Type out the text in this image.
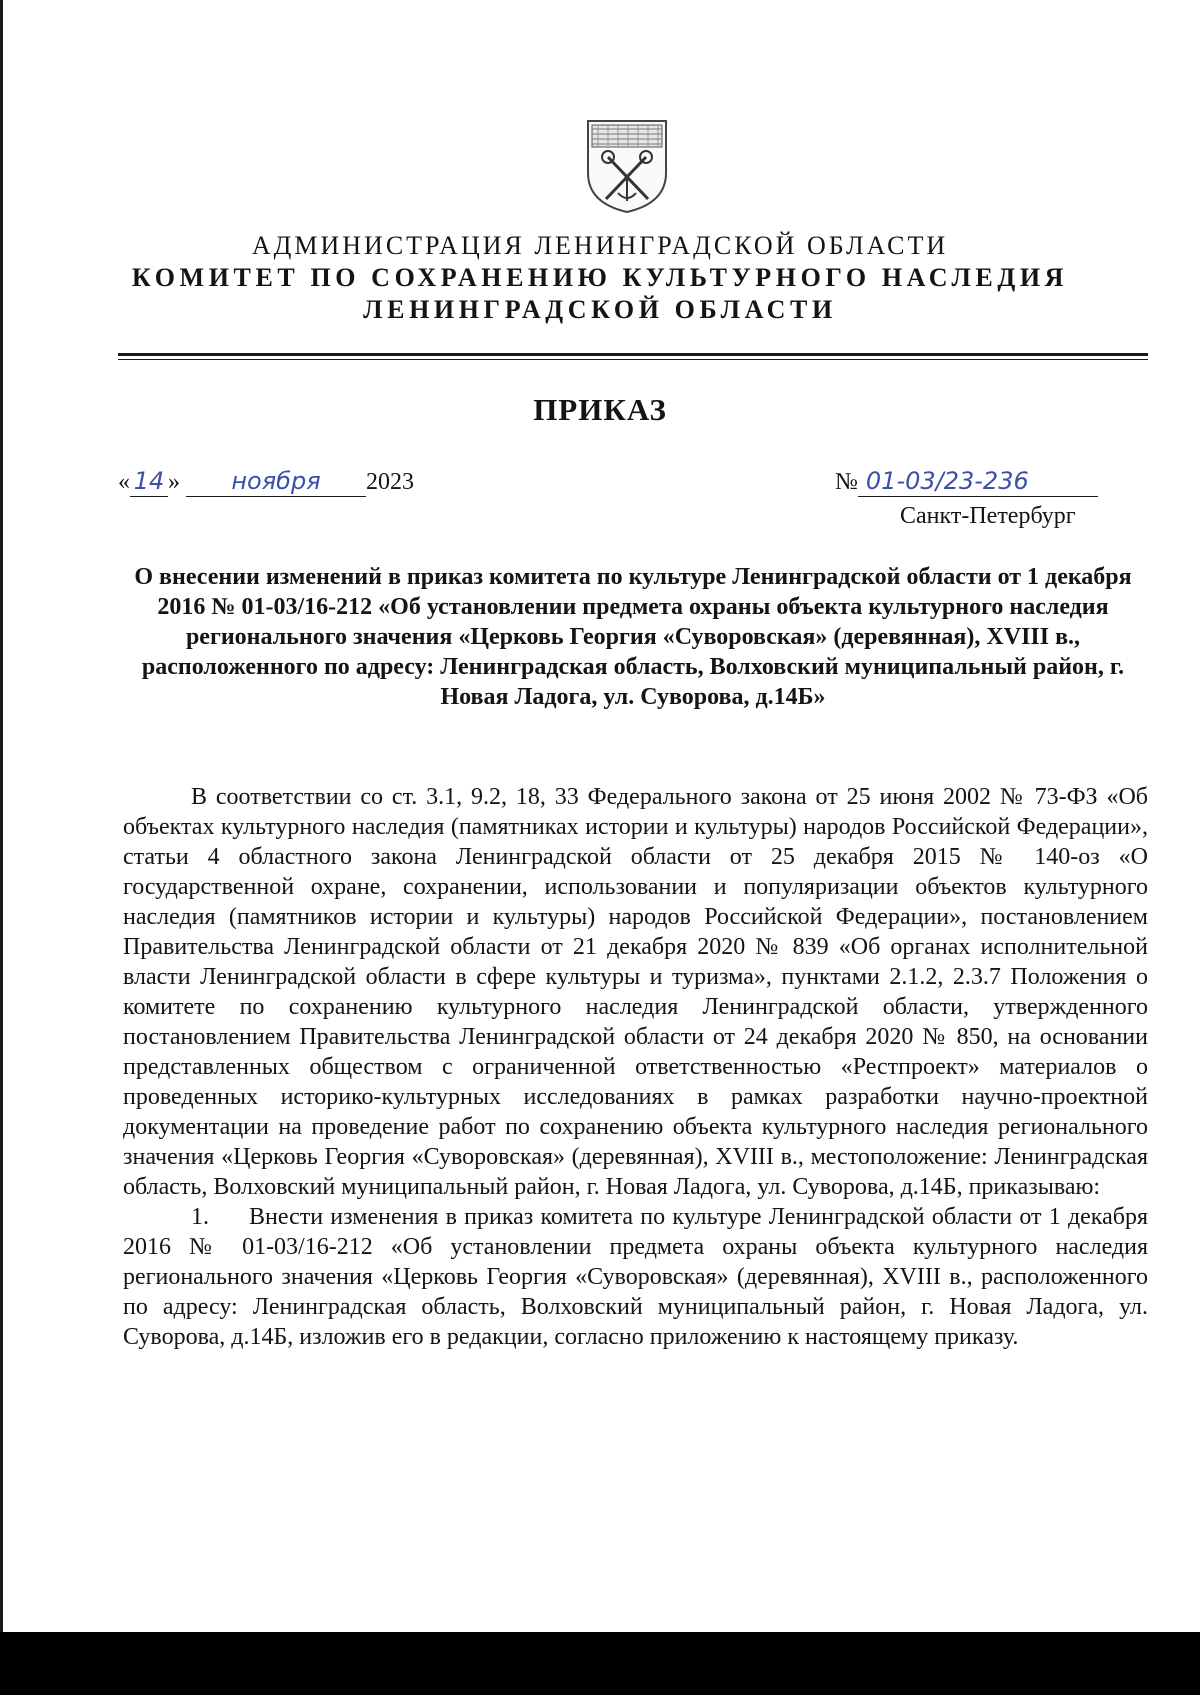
АДМИНИСТРАЦИЯ ЛЕНИНГРАДСКОЙ ОБЛАСТИ
КОМИТЕТ ПО СОХРАНЕНИЮ КУЛЬТУРНОГО НАСЛЕДИЯ
ЛЕНИНГРАДСКОЙ ОБЛАСТИ
ПРИКАЗ
« 14 » ноября 2023	№ 01-03/23-236
Санкт-Петербург
О внесении изменений в приказ комитета по культуре Ленинградской области от 1 декабря 2016 № 01-03/16-212 «Об установлении предмета охраны объекта культурного наследия регионального значения «Церковь Георгия «Суворовская» (деревянная), XVIII в., расположенного по адресу: Ленинградская область, Волховский муниципальный район, г. Новая Ладога, ул. Суворова, д.14Б»

В соответствии со ст. 3.1, 9.2, 18, 33 Федерального закона от 25 июня 2002 № 73-ФЗ «Об объектах культурного наследия (памятниках истории и культуры) народов Российской Федерации», статьи 4 областного закона Ленинградской области от 25 декабря 2015 № 140-оз «О государственной охране, сохранении, использовании и популяризации объектов культурного наследия (памятников истории и культуры) народов Российской Федерации», постановлением Правительства Ленинградской области от 21 декабря 2020 № 839 «Об органах исполнительной власти Ленинградской области в сфере культуры и туризма», пунктами 2.1.2, 2.3.7 Положения о комитете по сохранению культурного наследия Ленинградской области, утвержденного постановлением Правительства Ленинградской области от 24 декабря 2020 № 850, на основании представленных обществом с ограниченной ответственностью «Рестпроект» материалов о проведенных историко-культурных исследованиях в рамках разработки научно-проектной документации на проведение работ по сохранению объекта культурного наследия регионального значения «Церковь Георгия «Суворовская» (деревянная), XVIII в., местоположение: Ленинградская область, Волховский муниципальный район, г. Новая Ладога, ул. Суворова, д.14Б, приказываю:

1. Внести изменения в приказ комитета по культуре Ленинградской области от 1 декабря 2016 № 01-03/16-212 «Об установлении предмета охраны объекта культурного наследия регионального значения «Церковь Георгия «Суворовская» (деревянная), XVIII в., расположенного по адресу: Ленинградская область, Волховский муниципальный район, г. Новая Ладога, ул. Суворова, д.14Б, изложив его в редакции, согласно приложению к настоящему приказу.
